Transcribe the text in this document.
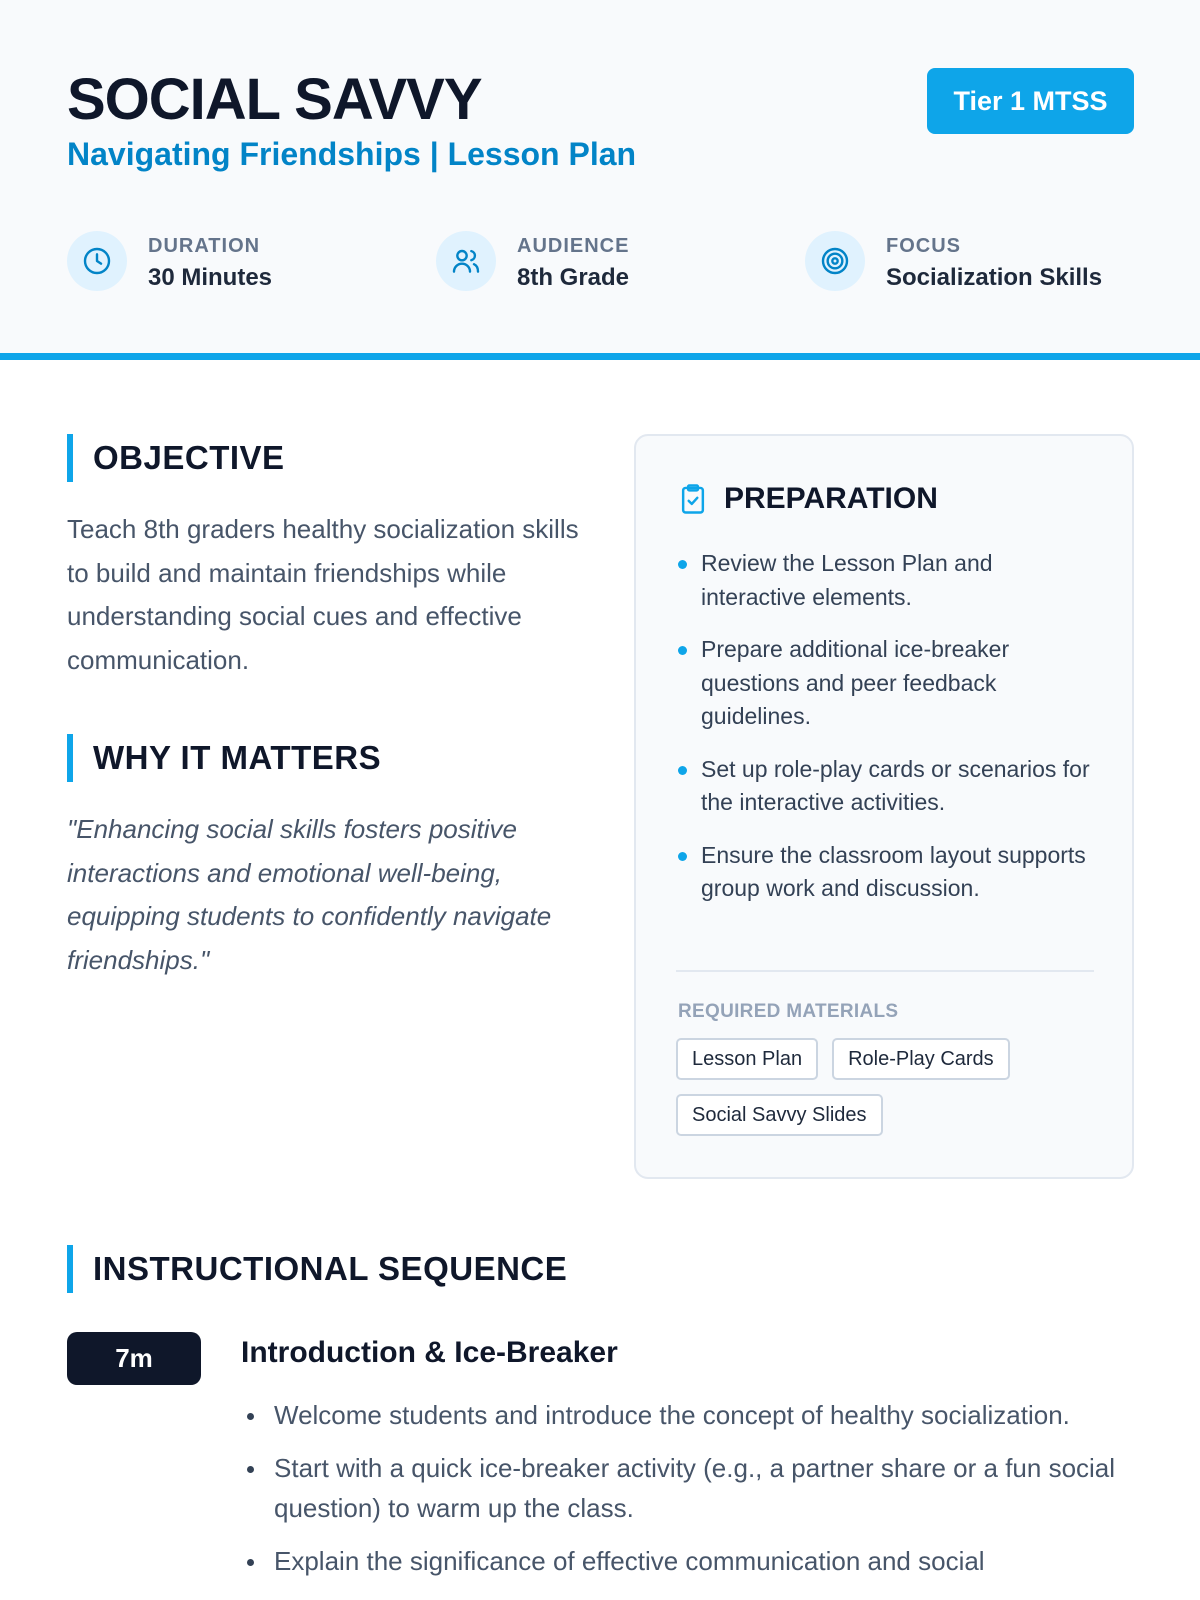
SOCIAL SAVVY
Navigating Friendships | Lesson Plan
Tier 1 MTSS
DURATION
30 Minutes
AUDIENCE
8th Grade
FOCUS
Socialization Skills
OBJECTIVE

Teach 8th graders healthy socialization skills to build and maintain friendships while understanding social cues and effective communication.

WHY IT MATTERS

"Enhancing social skills fosters positive interactions and emotional well-being, equipping students to confidently navigate friendships."

PREPARATION
Review the Lesson Plan and interactive elements.
Prepare additional ice-breaker questions and peer feedback guidelines.
Set up role-play cards or scenarios for the interactive activities.
Ensure the classroom layout supports group work and discussion.
REQUIRED MATERIALS
Lesson Plan	Role-Play Cards
Social Savvy Slides
INSTRUCTIONAL SEQUENCE
7m	Introduction & Ice-Breaker
Welcome students and introduce the concept of healthy socialization.
Start with a quick ice-breaker activity (e.g., a partner share or a fun social question) to warm up the class.
Explain the significance of effective communication and social
